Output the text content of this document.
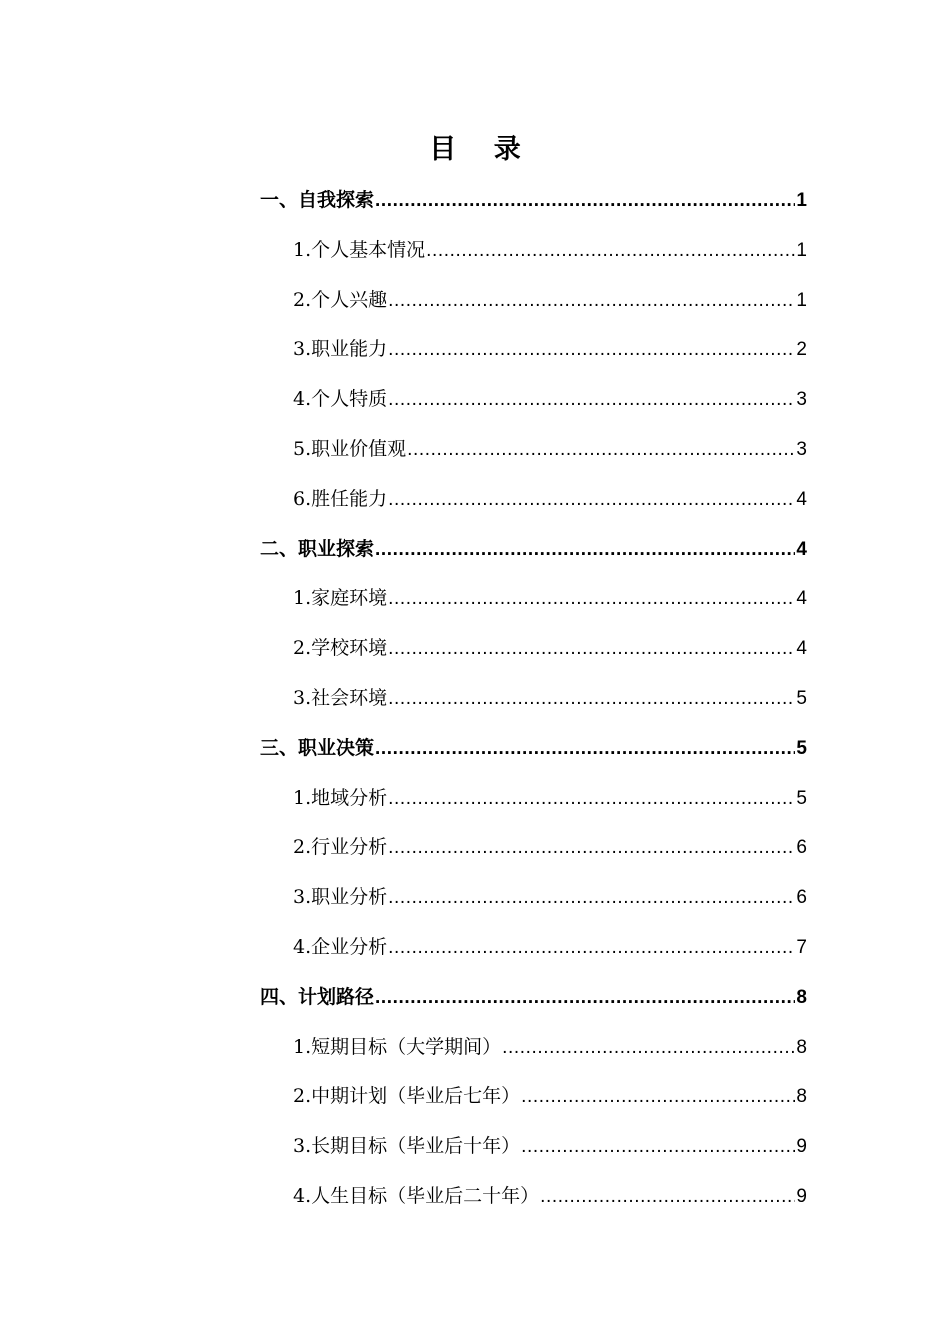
目 录
一、自我探索 .....	1
1.个人基本情况 .....	1
2.个人兴趣 .....	1
3.职业能力 .....	2
4.个人特质 .....	3
5.职业价值观 .....	3
6.胜任能力 .....	4
二、职业探索 .....	4
1.家庭环境 .....	4
2.学校环境 .....	4
3.社会环境 .....	5
三、职业决策 .....	5
1.地域分析 .....	5
2.行业分析 .....	6
3.职业分析 .....	6
4.企业分析 .....	7
四、计划路径 .....	8
1.短期目标（大学期间） .....	8
2.中期计划（毕业后七年） .....	8
3.长期目标（毕业后十年） .....	9
4.人生目标（毕业后二十年） .....	9
